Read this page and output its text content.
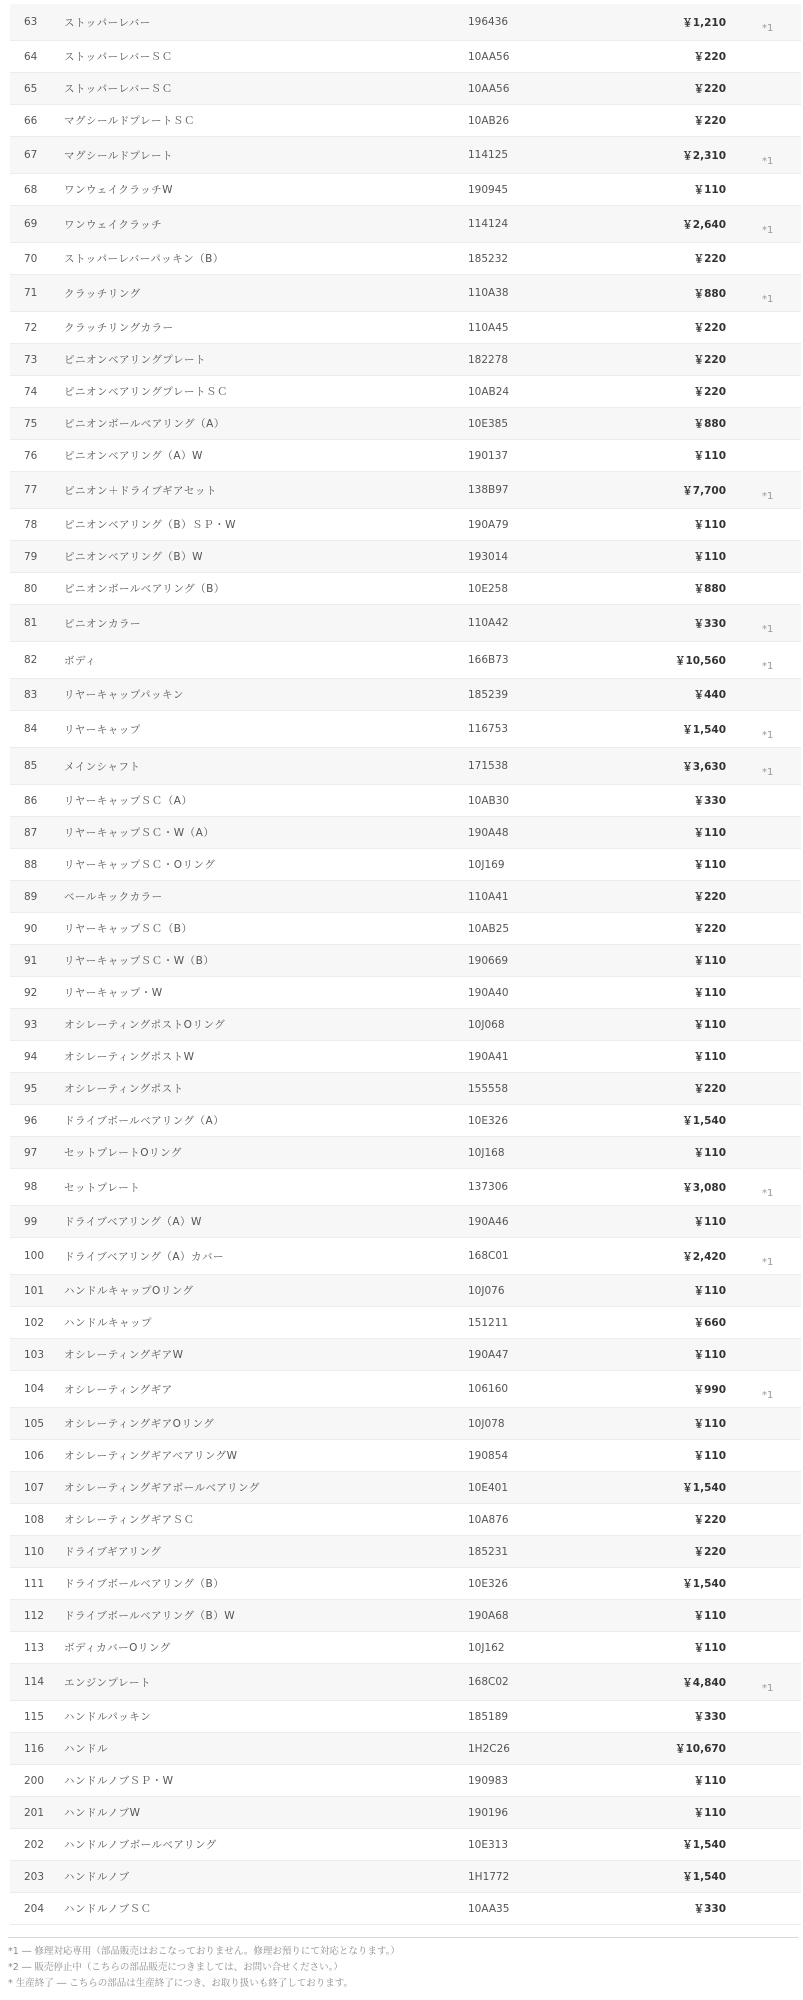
63	ストッパーレバー	196436	￥1,210	*1
64	ストッパーレバーＳＣ	10AA56	￥220
65	ストッパーレバーＳＣ	10AA56	￥220
66	マグシールドプレートＳＣ	10AB26	￥220
67	マグシールドプレート	114125	￥2,310	*1
68	ワンウェイクラッチW	190945	￥110
69	ワンウェイクラッチ	114124	￥2,640	*1
70	ストッパーレバーパッキン（B）	185232	￥220
71	クラッチリング	110A38	￥880	*1
72	クラッチリングカラー	110A45	￥220
73	ピニオンベアリングプレート	182278	￥220
74	ピニオンベアリングプレートＳＣ	10AB24	￥220
75	ピニオンボールベアリング（A）	10E385	￥880
76	ピニオンベアリング（A）W	190137	￥110
77	ピニオン＋ドライブギアセット	138B97	￥7,700	*1
78	ピニオンベアリング（B）ＳＰ・W	190A79	￥110
79	ピニオンベアリング（B）W	193014	￥110
80	ピニオンボールベアリング（B）	10E258	￥880
81	ピニオンカラー	110A42	￥330	*1
82	ボディ	166B73	￥10,560	*1
83	リヤーキャップパッキン	185239	￥440
84	リヤーキャップ	116753	￥1,540	*1
85	メインシャフト	171538	￥3,630	*1
86	リヤーキャップＳＣ（A）	10AB30	￥330
87	リヤーキャップＳＣ・W（A）	190A48	￥110
88	リヤーキャップＳＣ・Oリング	10J169	￥110
89	ベールキックカラー	110A41	￥220
90	リヤーキャップＳＣ（B）	10AB25	￥220
91	リヤーキャップＳＣ・W（B）	190669	￥110
92	リヤーキャップ・W	190A40	￥110
93	オシレーティングポストOリング	10J068	￥110
94	オシレーティングポストW	190A41	￥110
95	オシレーティングポスト	155558	￥220
96	ドライブボールベアリング（A）	10E326	￥1,540
97	セットプレートOリング	10J168	￥110
98	セットプレート	137306	￥3,080	*1
99	ドライブベアリング（A）W	190A46	￥110
100	ドライブベアリング（A）カバー	168C01	￥2,420	*1
101	ハンドルキャップOリング	10J076	￥110
102	ハンドルキャップ	151211	￥660
103	オシレーティングギアW	190A47	￥110
104	オシレーティングギア	106160	￥990	*1
105	オシレーティングギアOリング	10J078	￥110
106	オシレーティングギアベアリングW	190854	￥110
107	オシレーティングギアボールベアリング	10E401	￥1,540
108	オシレーティングギアＳＣ	10A876	￥220
110	ドライブギアリング	185231	￥220
111	ドライブボールベアリング（B）	10E326	￥1,540
112	ドライブボールベアリング（B）W	190A68	￥110
113	ボディカバーOリング	10J162	￥110
114	エンジンプレート	168C02	￥4,840	*1
115	ハンドルパッキン	185189	￥330
116	ハンドル	1H2C26	￥10,670
200	ハンドルノブＳＰ・W	190983	￥110
201	ハンドルノブW	190196	￥110
202	ハンドルノブボールベアリング	10E313	￥1,540
203	ハンドルノブ	1H1772	￥1,540
204	ハンドルノブＳＣ	10AA35	￥330
*1 ― 修理対応専用（部品販売はおこなっておりません。修理お預りにて対応となります。）
*2 ― 販売停止中（こちらの部品販売につきましては、お問い合せください。）
* 生産終了 ― こちらの部品は生産終了につき、お取り扱いも終了しております。
